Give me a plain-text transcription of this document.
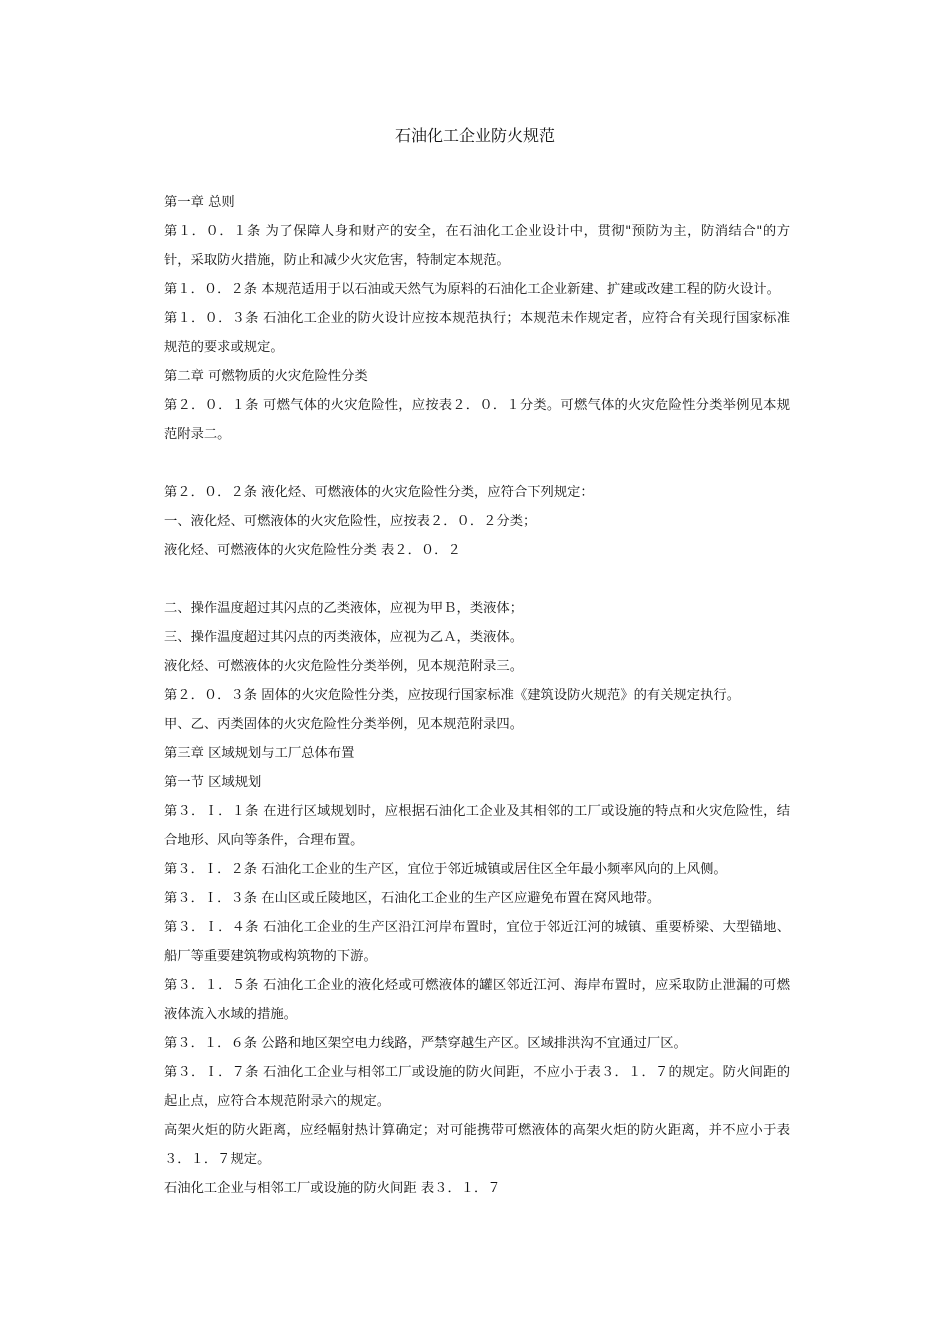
石油化工企业防火规范

第一章 总则

第１．０．１条 为了保障人身和财产的安全，在石油化工企业设计中，贯彻"预防为主，防消结合"的方针，采取防火措施，防止和减少火灾危害，特制定本规范。

第１．０．２条 本规范适用于以石油或天然气为原料的石油化工企业新建、扩建或改建工程的防火设计。

第１．０．３条 石油化工企业的防火设计应按本规范执行；本规范未作规定者，应符合有关现行国家标准规范的要求或规定。

第二章 可燃物质的火灾危险性分类

第２．０．１条 可燃气体的火灾危险性，应按表２．０．１分类。可燃气体的火灾危险性分类举例见本规范附录二。

第２．０．２条 液化烃、可燃液体的火灾危险性分类，应符合下列规定：

一、液化烃、可燃液体的火灾危险性，应按表２．０．２分类；

液化烃、可燃液体的火灾危险性分类 表２．０．２

二、操作温度超过其闪点的乙类液体，应视为甲Ｂ，类液体；

三、操作温度超过其闪点的丙类液体，应视为乙Ａ，类液体。

液化烃、可燃液体的火灾危险性分类举例，见本规范附录三。

第２．０．３条 固体的火灾危险性分类，应按现行国家标准《建筑设防火规范》的有关规定执行。

甲、乙、丙类固体的火灾危险性分类举例，见本规范附录四。

第三章 区域规划与工厂总体布置

第一节 区域规划

第３．Ｉ．１条 在进行区域规划时，应根据石油化工企业及其相邻的工厂或设施的特点和火灾危险性，结合地形、风向等条件，合理布置。

第３．Ｉ．２条 石油化工企业的生产区，宜位于邻近城镇或居住区全年最小频率风向的上风侧。

第３．Ｉ．３条 在山区或丘陵地区，石油化工企业的生产区应避免布置在窝风地带。

第３．Ｉ．４条 石油化工企业的生产区沿江河岸布置时，宜位于邻近江河的城镇、重要桥梁、大型锚地、船厂等重要建筑物或构筑物的下游。

第３．１．５条 石油化工企业的液化烃或可燃液体的罐区邻近江河、海岸布置时，应采取防止泄漏的可燃液体流入水域的措施。

第３．１．６条 公路和地区架空电力线路，严禁穿越生产区。区域排洪沟不宜通过厂区。

第３．Ｉ．７条 石油化工企业与相邻工厂或设施的防火间距，不应小于表３．１．７的规定。防火间距的起止点，应符合本规范附录六的规定。

高架火炬的防火距离，应经幅射热计算确定；对可能携带可燃液体的高架火炬的防火距离，并不应小于表３．１．７规定。

石油化工企业与相邻工厂或设施的防火间距 表３．１．７
